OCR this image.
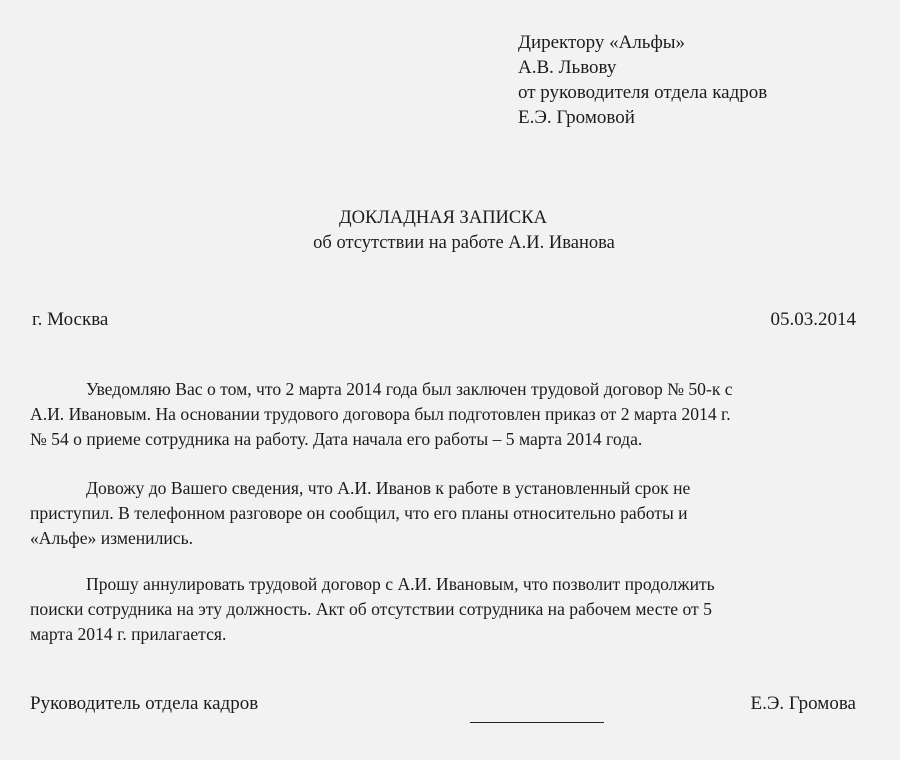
Директору «Альфы»
А.В. Львову
от руководителя отдела кадров
Е.Э. Громовой
ДОКЛАДНАЯ ЗАПИСКА
об отсутствии на работе А.И. Иванова
г. Москва	05.03.2014
Уведомляю Вас о том, что 2 марта 2014 года был заключен трудовой договор № 50-к с
А.И. Ивановым. На основании трудового договора был подготовлен приказ от 2 марта 2014 г.
№ 54 о приеме сотрудника на работу. Дата начала его работы – 5 марта 2014 года.
Довожу до Вашего сведения, что А.И. Иванов к работе в установленный срок не
приступил. В телефонном разговоре он сообщил, что его планы относительно работы и
«Альфе» изменились.
Прошу аннулировать трудовой договор с А.И. Ивановым, что позволит продолжить
поиски сотрудника на эту должность. Акт об отсутствии сотрудника на рабочем месте от 5
марта 2014 г. прилагается.
Руководитель отдела кадров	Е.Э. Громова
